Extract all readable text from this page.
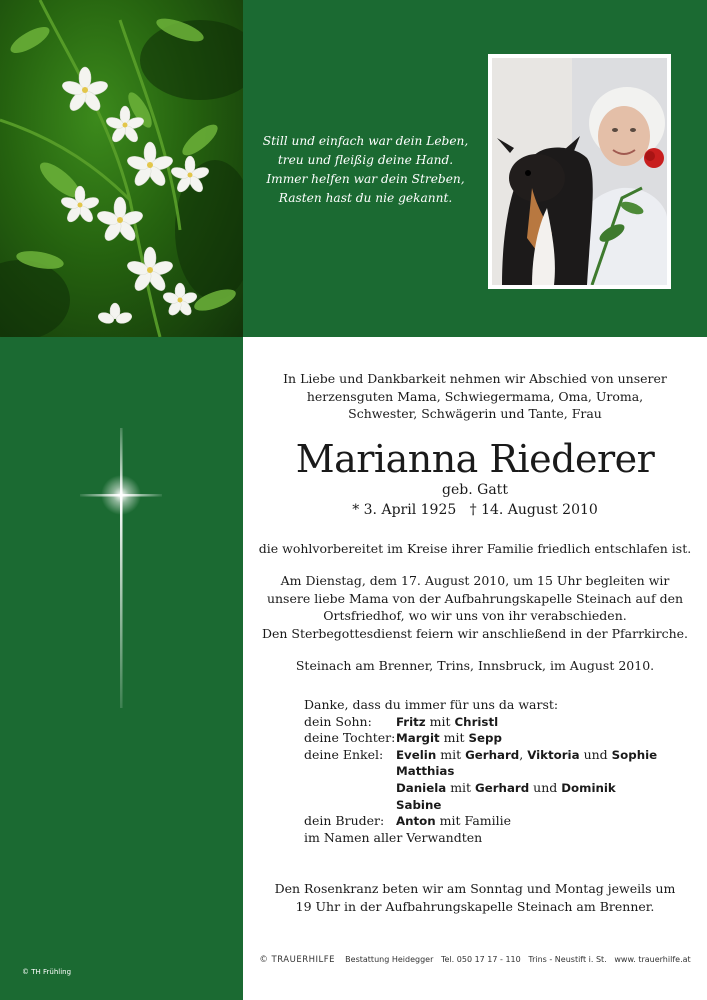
Still und einfach war dein Leben,

treu und fleißig deine Hand.

Immer helfen war dein Streben,

Rasten hast du nie gekannt.

In Liebe und Dankbarkeit nehmen wir Abschied von unserer

herzensguten Mama, Schwiegermama, Oma, Uroma,

Schwester, Schwägerin und Tante, Frau

Marianna Riederer
geb. Gatt
* 3. April 1925 † 14. August 2010
die wohlvorbereitet im Kreise ihrer Familie friedlich entschlafen ist.

Am Dienstag, dem 17. August 2010, um 15 Uhr begleiten wir

unsere liebe Mama von der Aufbahrungskapelle Steinach auf den

Ortsfriedhof, wo wir uns von ihr verabschieden.

Den Sterbegottesdienst feiern wir anschließend in der Pfarrkirche.

Steinach am Brenner, Trins, Innsbruck, im August 2010.

Danke, dass du immer für uns da warst:

dein Sohn:	Fritz mit Christl
deine Tochter: Margit mit Sepp
deine Enkel:	Evelin mit Gerhard, Viktoria und Sophie
Matthias
Daniela mit Gerhard und Dominik
Sabine
dein Bruder: Anton mit Familie

im Namen aller Verwandten

Den Rosenkranz beten wir am Sonntag und Montag jeweils um

19 Uhr in der Aufbahrungskapelle Steinach am Brenner.

© TRAUERHILFE Bestattung Heidegger Tel. 050 17 17 - 110 Trins - Neustift i. St. www. trauerhilfe.at
© TH Frühling
